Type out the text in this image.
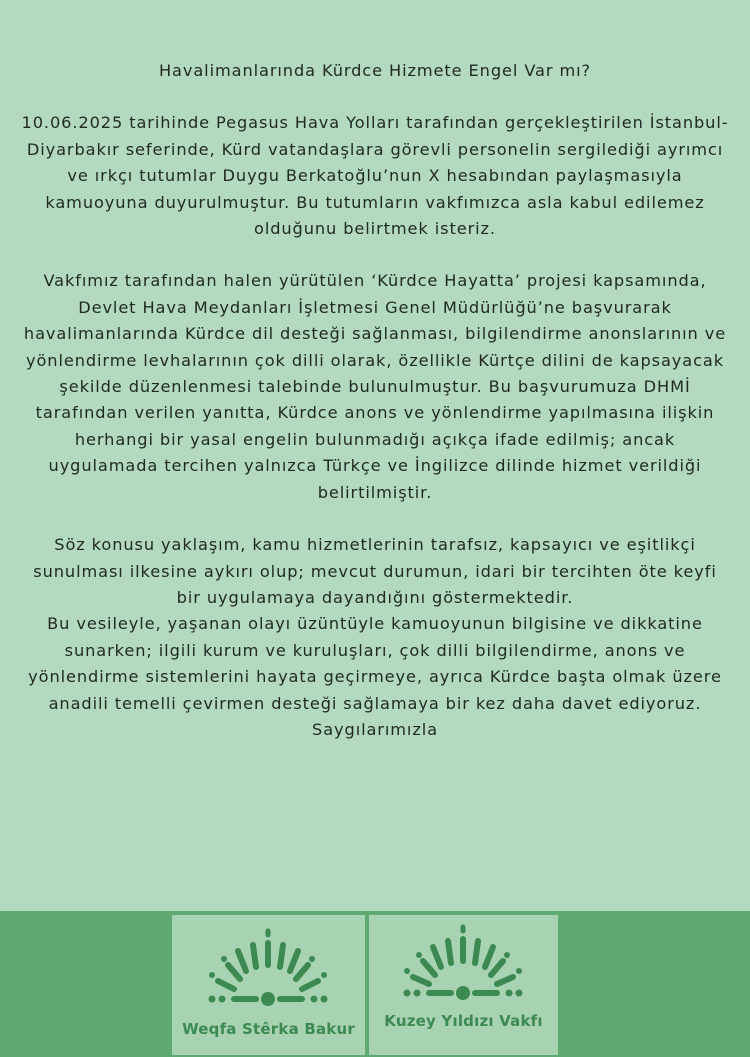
Havalimanlarında Kürdce Hizmete Engel Var mı?

10.06.2025 tarihinde Pegasus Hava Yolları tarafından gerçekleştirilen İstanbul-Diyarbakır seferinde, Kürd vatandaşlara görevli personelin sergilediği ayrımcı ve ırkçı tutumlar Duygu Berkatoğlu’nun X hesabından paylaşmasıyla kamuoyuna duyurulmuştur. Bu tutumların vakfımızca asla kabul edilemez olduğunu belirtmek isteriz.

Vakfımız tarafından halen yürütülen ‘Kürdce Hayatta’ projesi kapsamında, Devlet Hava Meydanları İşletmesi Genel Müdürlüğü’ne başvurarak havalimanlarında Kürdce dil desteği sağlanması, bilgilendirme anonslarının ve yönlendirme levhalarının çok dilli olarak, özellikle Kürtçe dilini de kapsayacak şekilde düzenlenmesi talebinde bulunulmuştur. Bu başvurumuza DHMİ tarafından verilen yanıtta, Kürdce anons ve yönlendirme yapılmasına ilişkin herhangi bir yasal engelin bulunmadığı açıkça ifade edilmiş; ancak uygulamada tercihen yalnızca Türkçe ve İngilizce dilinde hizmet verildiği belirtilmiştir.

Söz konusu yaklaşım, kamu hizmetlerinin tarafsız, kapsayıcı ve eşitlikçi sunulması ilkesine aykırı olup; mevcut durumun, idari bir tercihten öte keyfi bir uygulamaya dayandığını göstermektedir.

Bu vesileyle, yaşanan olayı üzüntüyle kamuoyunun bilgisine ve dikkatine sunarken; ilgili kurum ve kuruluşları, çok dilli bilgilendirme, anons ve yönlendirme sistemlerini hayata geçirmeye, ayrıca Kürdce başta olmak üzere anadili temelli çevirmen desteği sağlamaya bir kez daha davet ediyoruz.

Saygılarımızla

Weqfa Stêrka Bakur	Kuzey Yıldızı Vakfı
